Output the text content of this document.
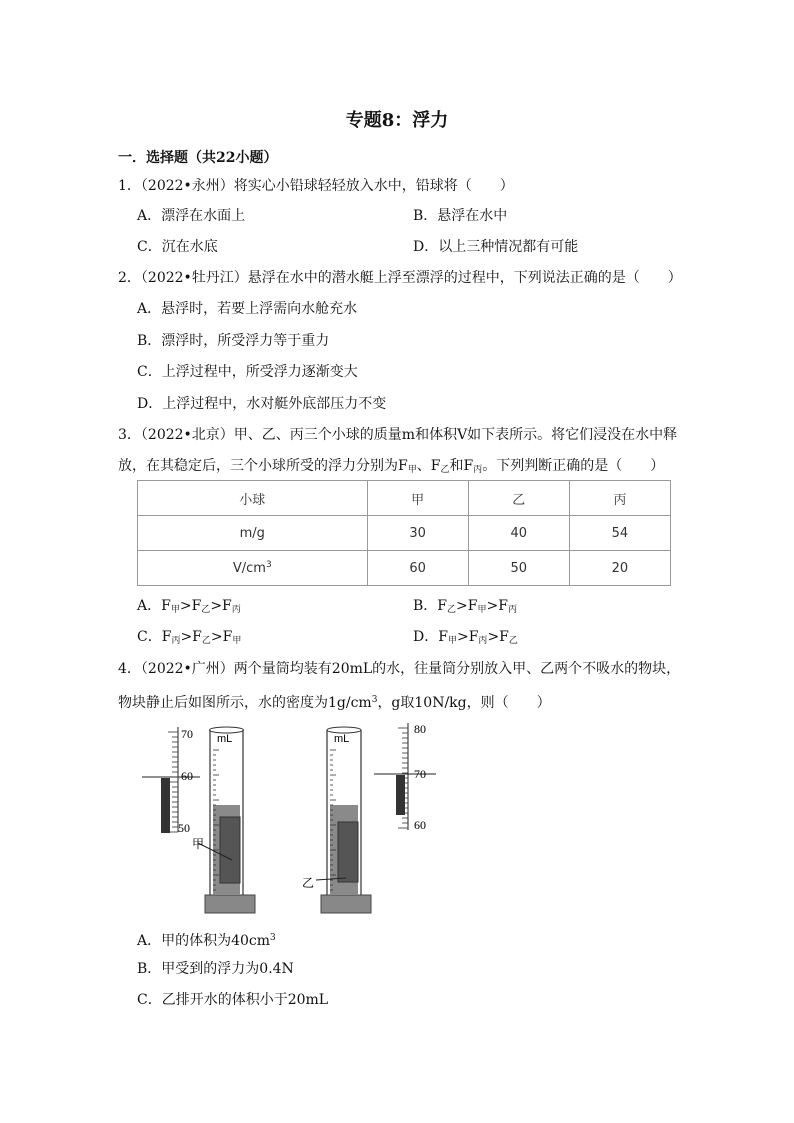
专题8：浮力
一．选择题（共22小题）
1．（2022•永州）将实心小铅球轻轻放入水中，铅球将（　　）
A．漂浮在水面上	B．悬浮在水中
C．沉在水底	D．以上三种情况都有可能
2．（2022•牡丹江）悬浮在水中的潜水艇上浮至漂浮的过程中，下列说法正确的是（　　）
A．悬浮时，若要上浮需向水舱充水
B．漂浮时，所受浮力等于重力
C．上浮过程中，所受浮力逐渐变大
D．上浮过程中，水对艇外底部压力不变
3．（2022•北京）甲、乙、丙三个小球的质量m和体积V如下表所示。将它们浸没在水中释
放，在其稳定后，三个小球所受的浮力分别为$F_甲$、$F_乙$和$F_丙$。下列判断正确的是（　　）
小球	甲	乙	丙
m/g	30	40	54
$V/cm^3$	60	50	20
A．$F_甲>F_乙>F_丙$	B．$F_乙>F_甲>F_丙$
C．$F_丙>F_乙>F_甲$	D．$F_甲>F_丙>F_乙$
4．（2022•广州）两个量筒均装有20mL的水，往量筒分别放入甲、乙两个不吸水的物块，
物块静止后如图所示，水的密度为$1g/cm^3$，g取10N/kg，则（　　）
70
60
50
mL
甲
mL
乙
80
70
60
A．甲的体积为$40cm^3$
B．甲受到的浮力为0.4N
C．乙排开水的体积小于20mL
